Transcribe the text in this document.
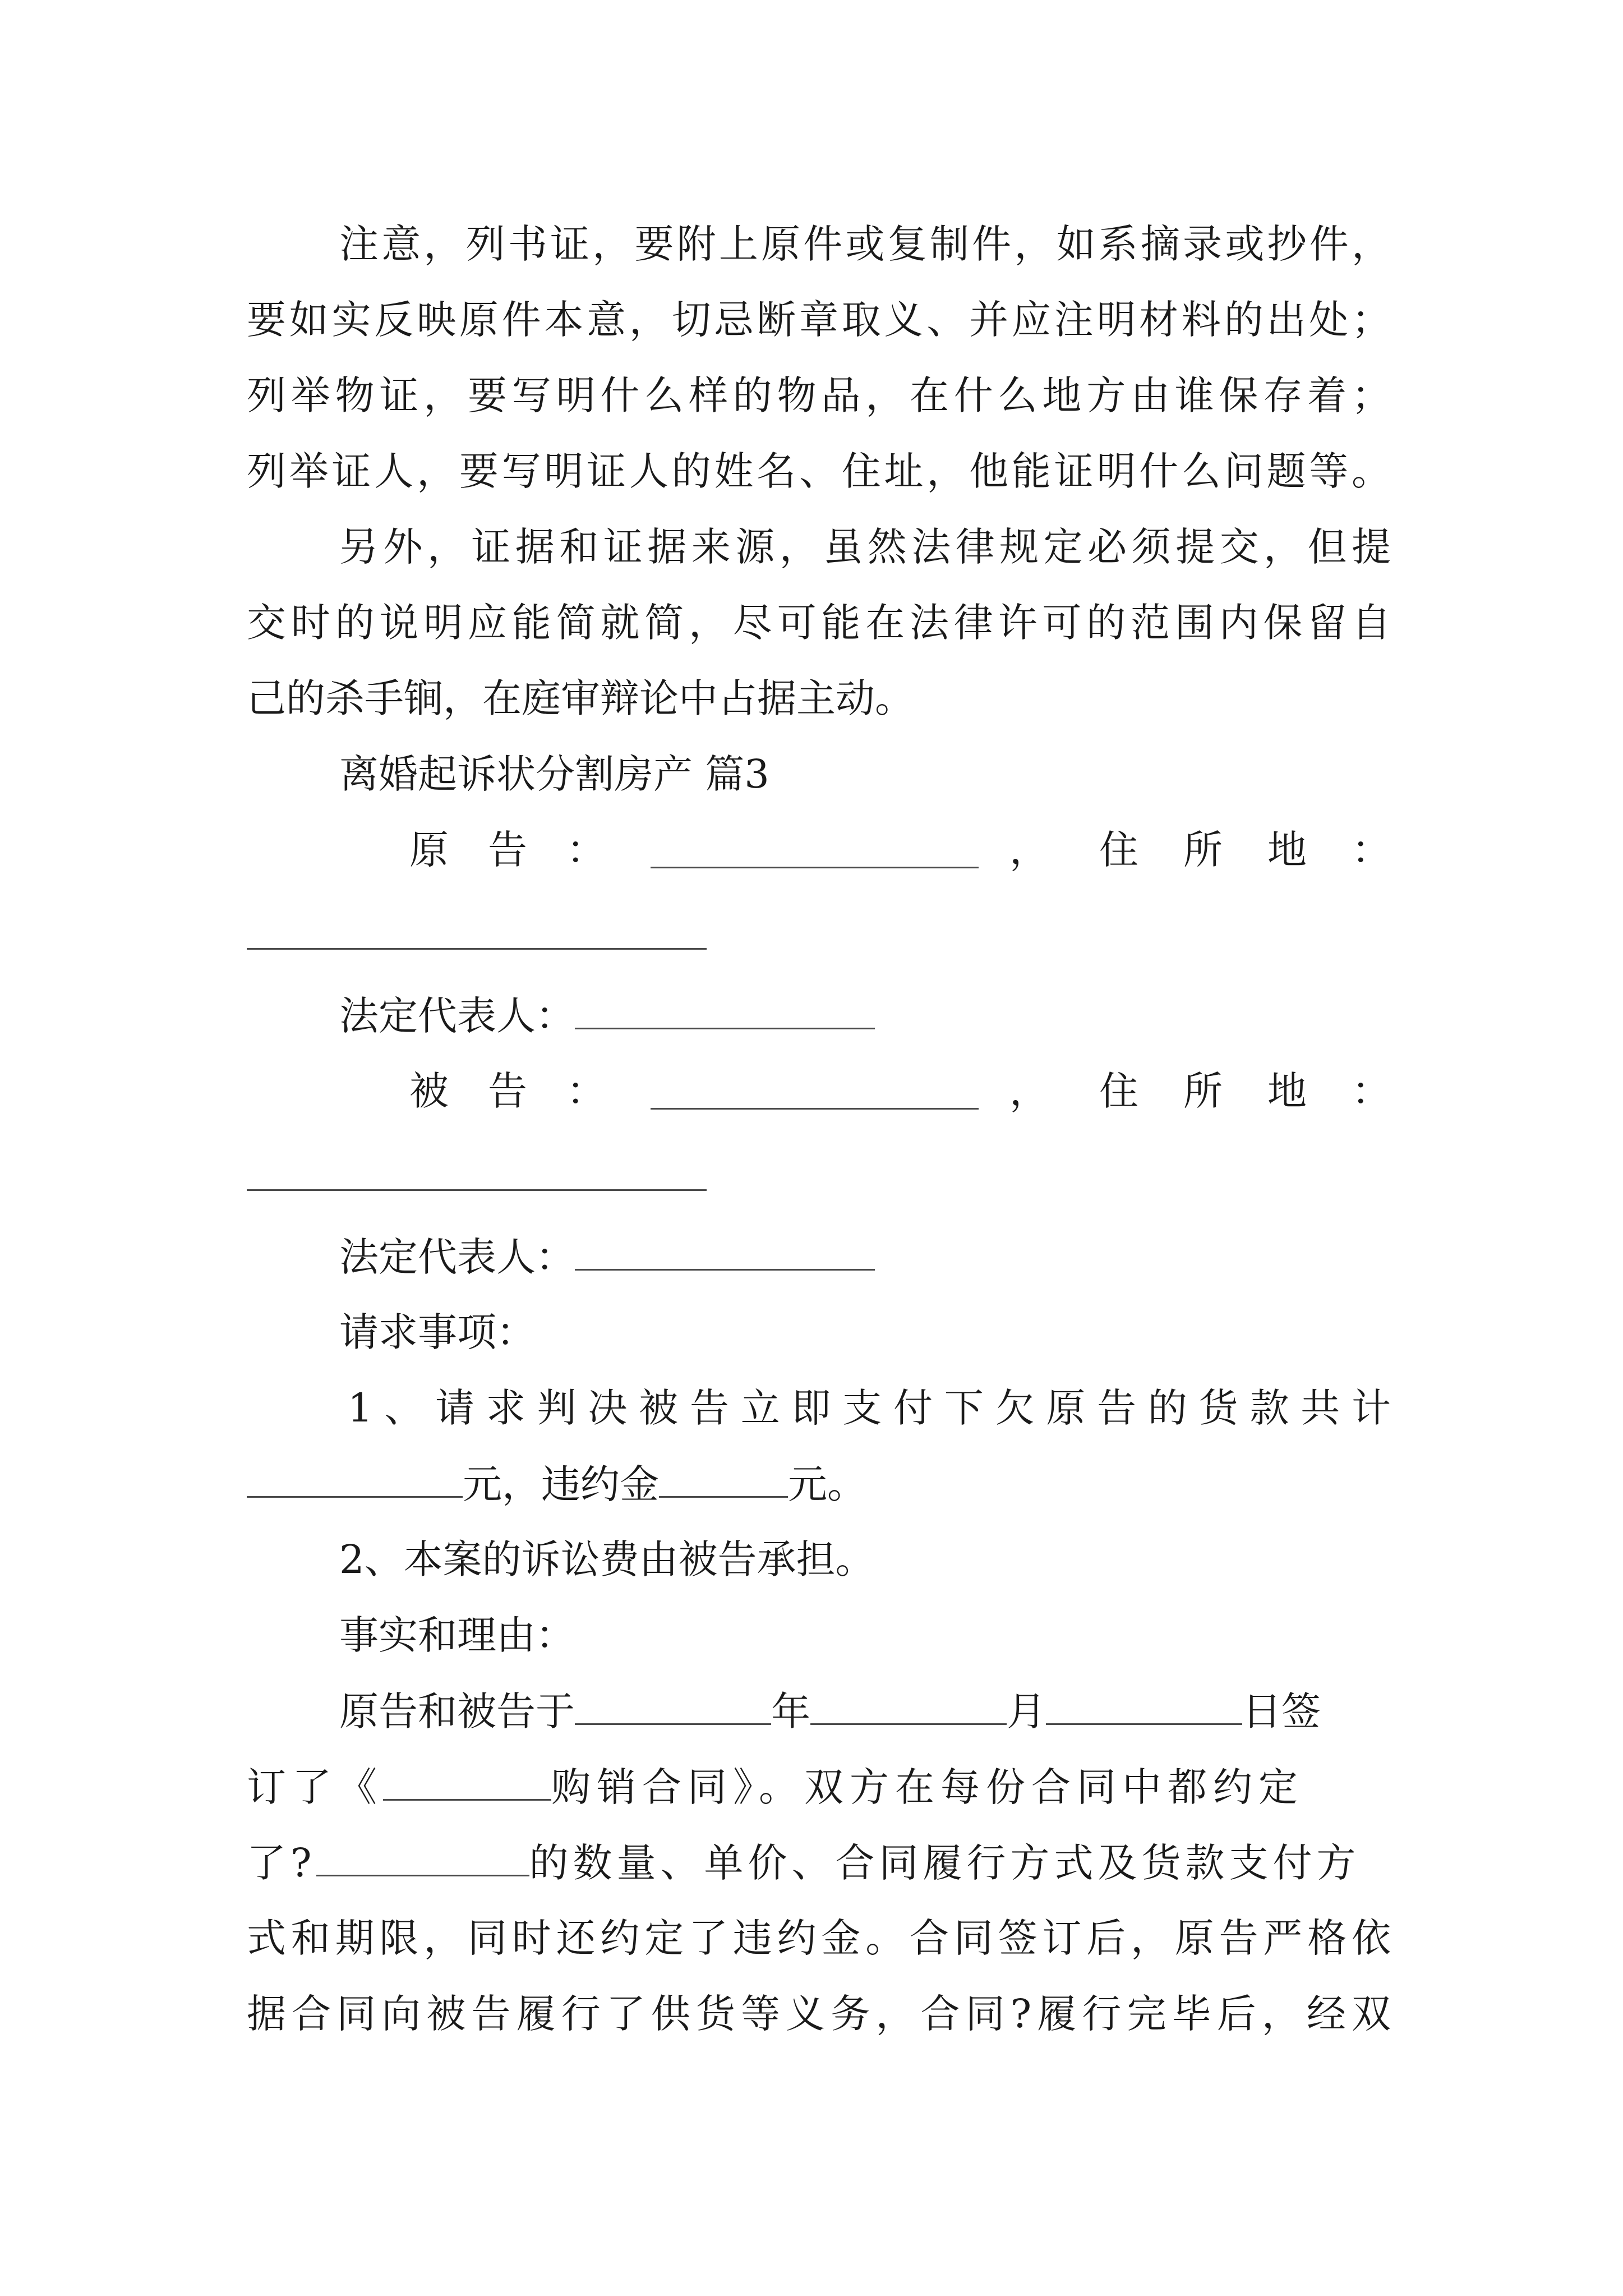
注意，列书证，要附上原件或复制件，如系摘录或抄件，
要如实反映原件本意，切忌断章取义、并应注明材料的出处；
列举物证，要写明什么样的物品，在什么地方由谁保存着；
列举证人，要写明证人的姓名、住址，他能证明什么问题等。
另外，证据和证据来源，虽然法律规定必须提交，但提
交时的说明应能简就简，尽可能在法律许可的范围内保留自
己的杀手锏，在庭审辩论中占据主动。
离婚起诉状分割房产 篇3
原 告 ：	， 住 所 地 ：
法定代表人：
被 告 ：	， 住 所 地 ：
法定代表人：
请求事项：
1、请求判决被告立即支付下欠原告的货款共计
元，违约金	元。
2、本案的诉讼费由被告承担。
事实和理由：
原告和被告于	年	月	日签
订了《	购销合同》。双方在每份合同中都约定
了?	的数量、单价、合同履行方式及货款支付方
式和期限，同时还约定了违约金。合同签订后，原告严格依
据合同向被告履行了供货等义务，合同?履行完毕后，经双
